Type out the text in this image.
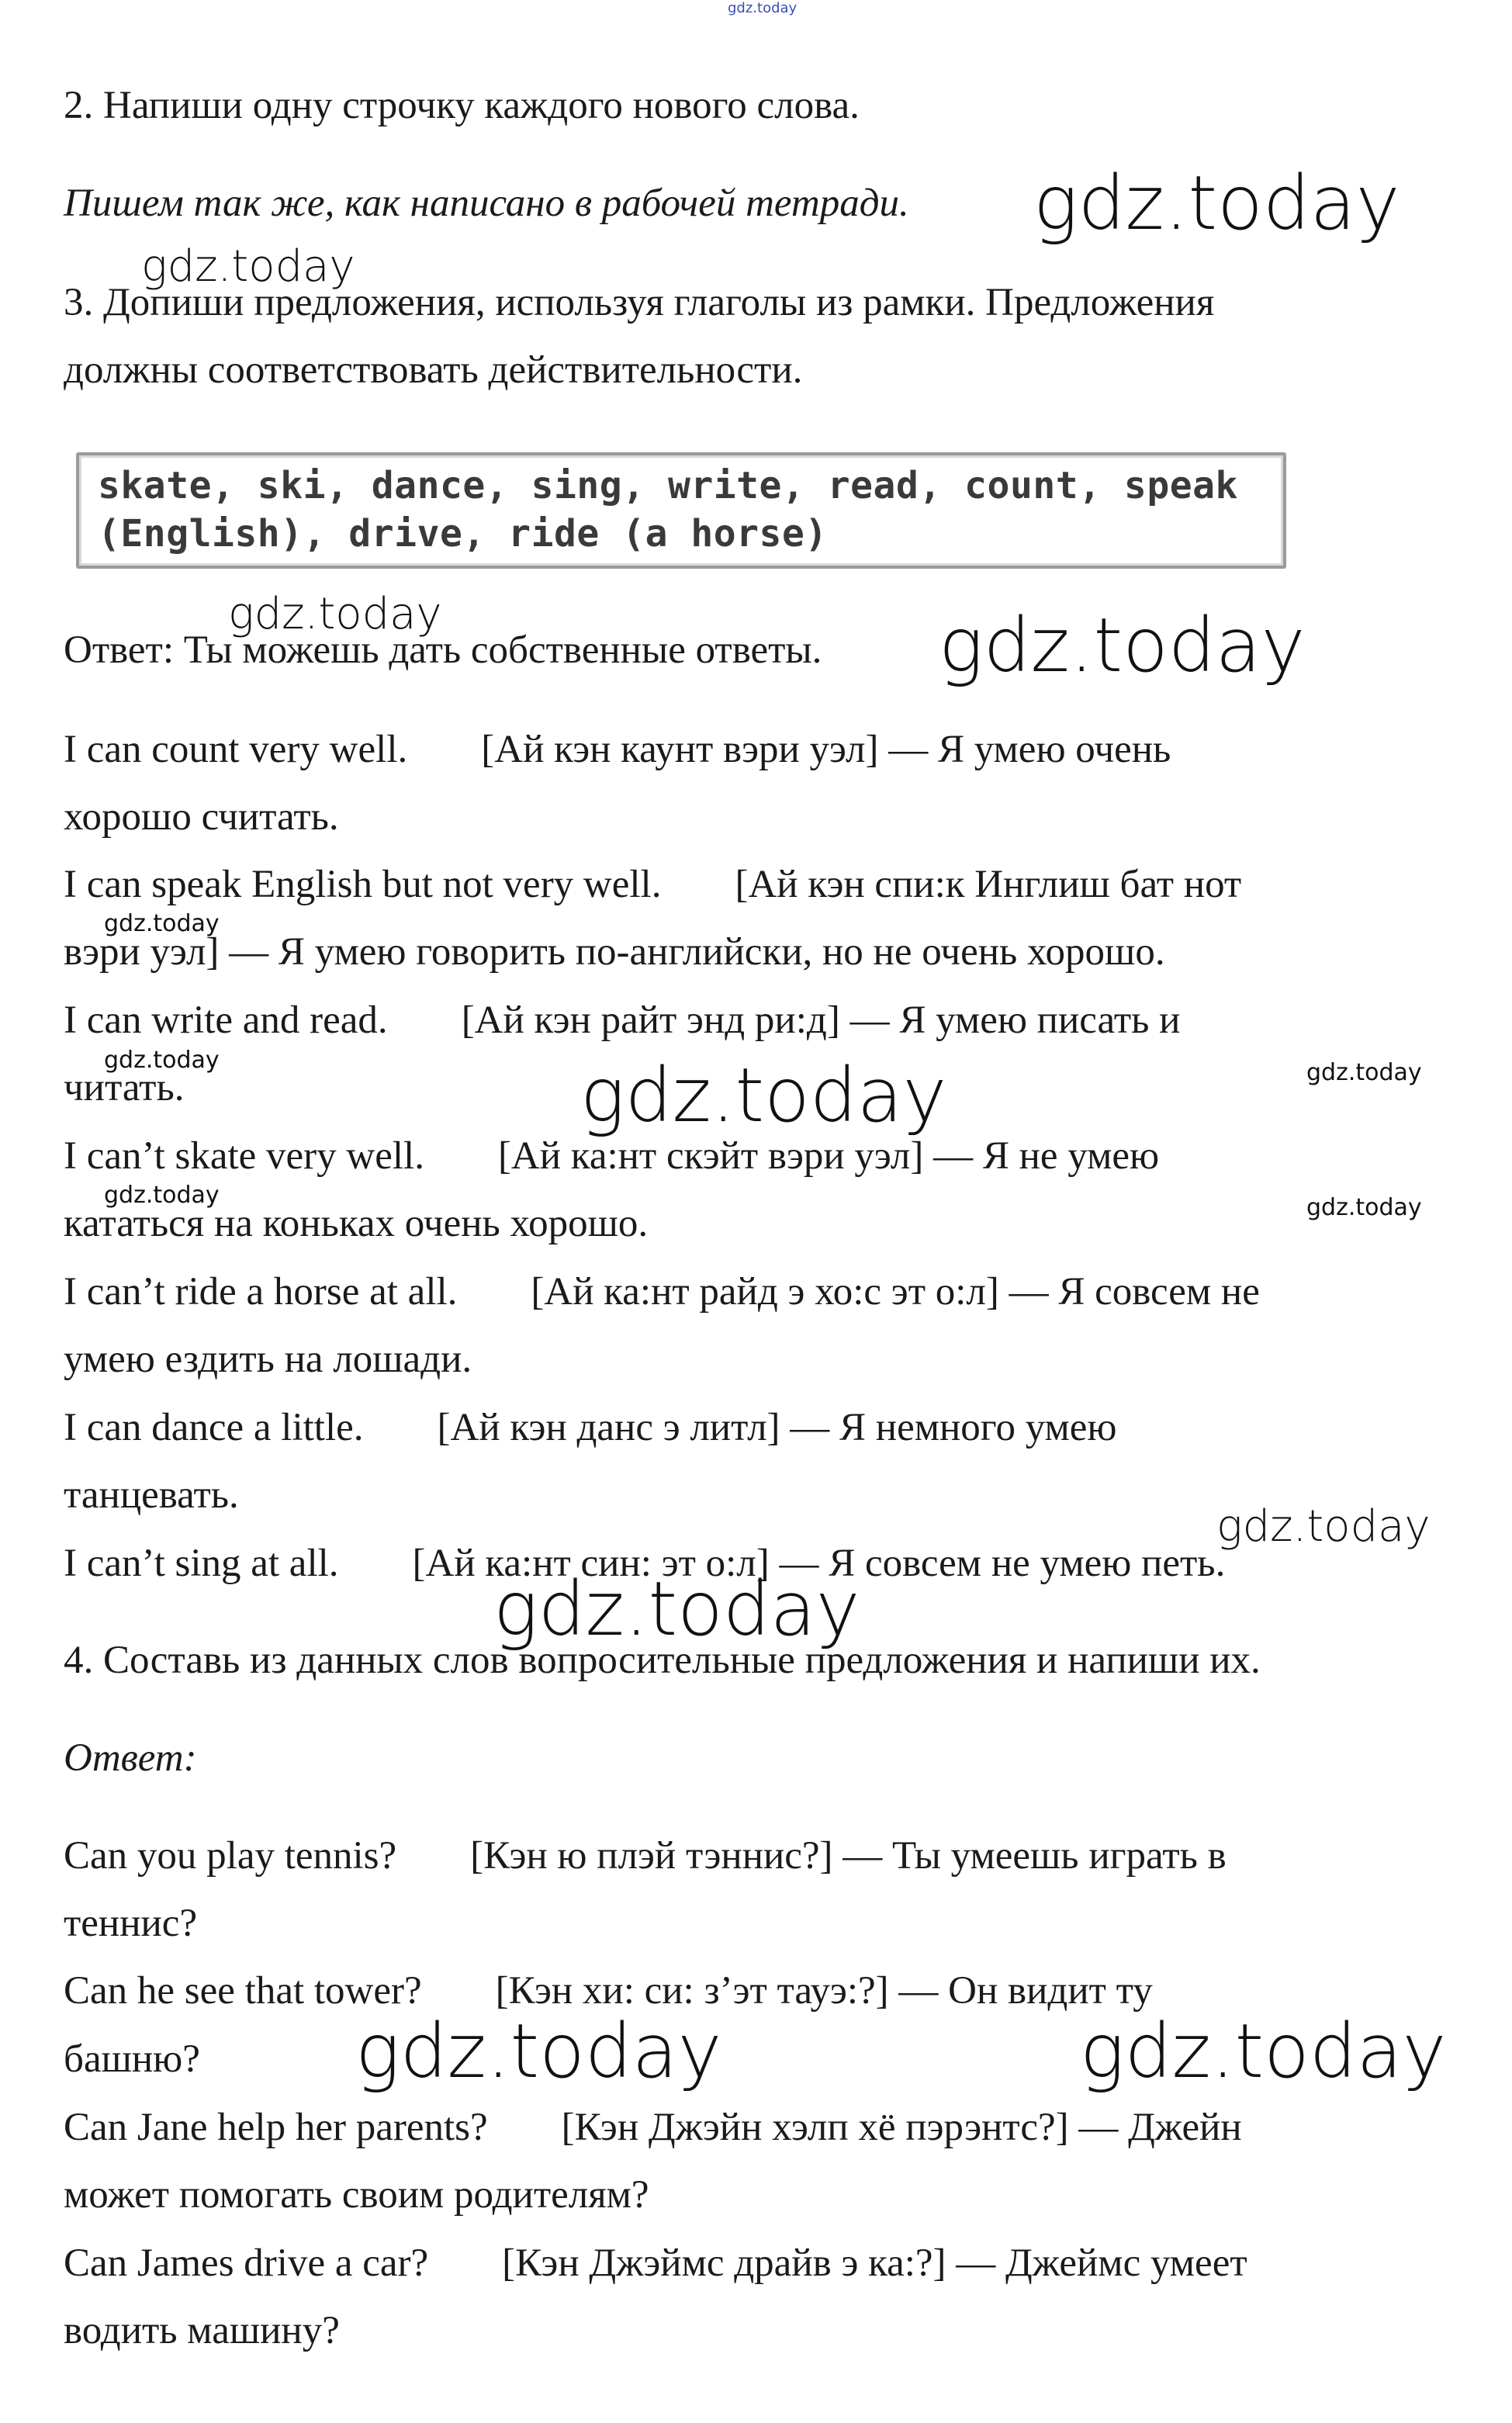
2. Напиши одну строчку каждого нового слова.
Пишем так же, как написано в рабочей тетради.
3. Допиши предложения, используя глаголы из рамки. Предложения
должны соответствовать действительности.
skate, ski, dance, sing, write, read, count, speak (English), drive, ride (a horse)
Ответ: Ты можешь дать собственные ответы.
I can count very well. [Ай кэн каунт вэри уэл] — Я умею очень
хорошо считать.
I can speak English but not very well. [Ай кэн спи:к Инглиш бат нот
вэри уэл] — Я умею говорить по-английски, но не очень хорошо.
I can write and read. [Ай кэн райт энд ри:д] — Я умею писать и
читать.
I can’t skate very well. [Ай ка:нт скэйт вэри уэл] — Я не умею
кататься на коньках очень хорошо.
I can’t ride a horse at all. [Ай ка:нт райд э хо:с эт о:л] — Я совсем не
умею ездить на лошади.
I can dance a little. [Ай кэн данс э литл] — Я немного умею
танцевать.
I can’t sing at all. [Ай ка:нт син: эт о:л] — Я совсем не умею петь.
4. Составь из данных слов вопросительные предложения и напиши их.
Ответ:
Can you play tennis? [Кэн ю плэй тэннис?] — Ты умеешь играть в
теннис?
Can he see that tower? [Кэн хи: си: з’эт тауэ:?] — Он видит ту
башню?
Can Jane help her parents? [Кэн Джэйн хэлп хё пэрэнтс?] — Джейн
может помогать своим родителям?
Can James drive a car? [Кэн Джэймс драйв э ка:?] — Джеймс умеет
водить машину?
gdz.today
gdz.today
gdz.today
gdz.today	gdz.today
gdz.today
gdz.today	gdz.today
gdz.today
gdz.today	gdz.today
gdz.today
gdz.today
gdz.today	gdz.today
